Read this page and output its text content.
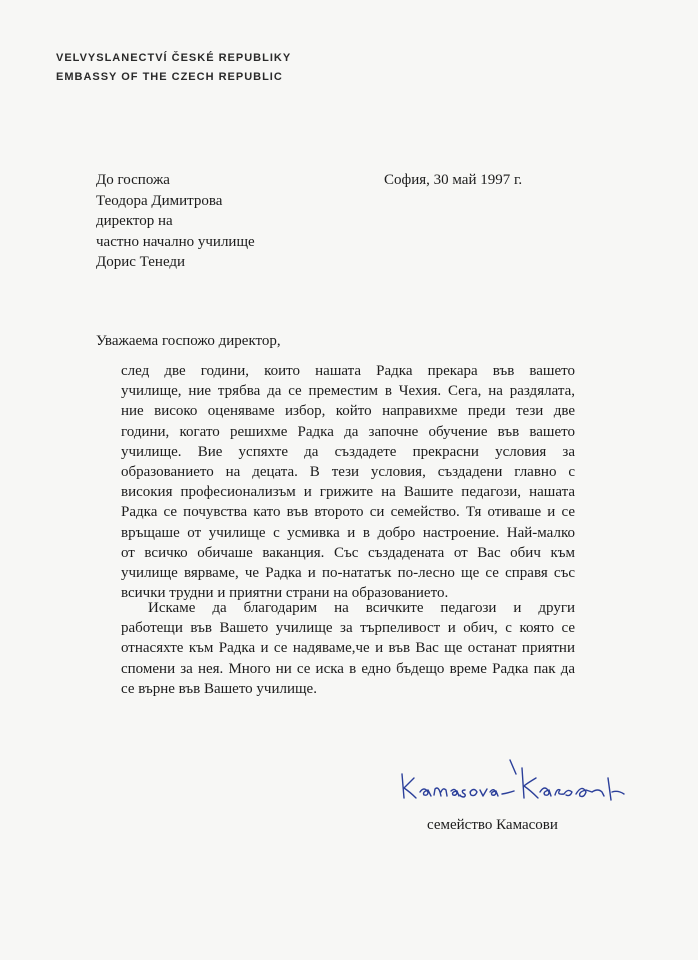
VELVYSLANECTVÍ ČESKÉ REPUBLIKY
EMBASSY OF THE CZECH REPUBLIC
До госпожа
Теодора Димитрова
директор на
частно начално училище
Дорис Тенеди
София, 30 май 1997 г.
Уважаема госпожо директор,
след две години, които нашата Радка прекара във вашето
училище, ние трябва да се преместим в Чехия. Сега, на раздялата,
ние високо оценяваме избор, който направихме преди тези две
години, когато решихме Радка да започне обучение във вашето
училище. Вие успяхте да създадете прекрасни условия за
образованието на децата. В тези условия, създадени главно с
високия професионализъм и грижите на Вашите педагози, нашата
Радка се почувства като във второто си семейство. Тя отиваше и се
връщаше от училище с усмивка и в добро настроение. Най-малко
от всичко обичаше ваканция. Със създадената от Вас обич към
училище вярваме, че Радка и по-нататък по-лесно ще се справя със
всички трудни и приятни страни на образованието.
Искаме да благодарим на всичките педагози и други
работещи във Вашето училище за търпеливост и обич, с която се
отнасяхте към Радка и се надяваме,че и във Вас ще останат приятни
спомени за нея. Много ни се иска в едно бъдещо време Радка пак да
се върне във Вашето училище.
семейство Камасови
